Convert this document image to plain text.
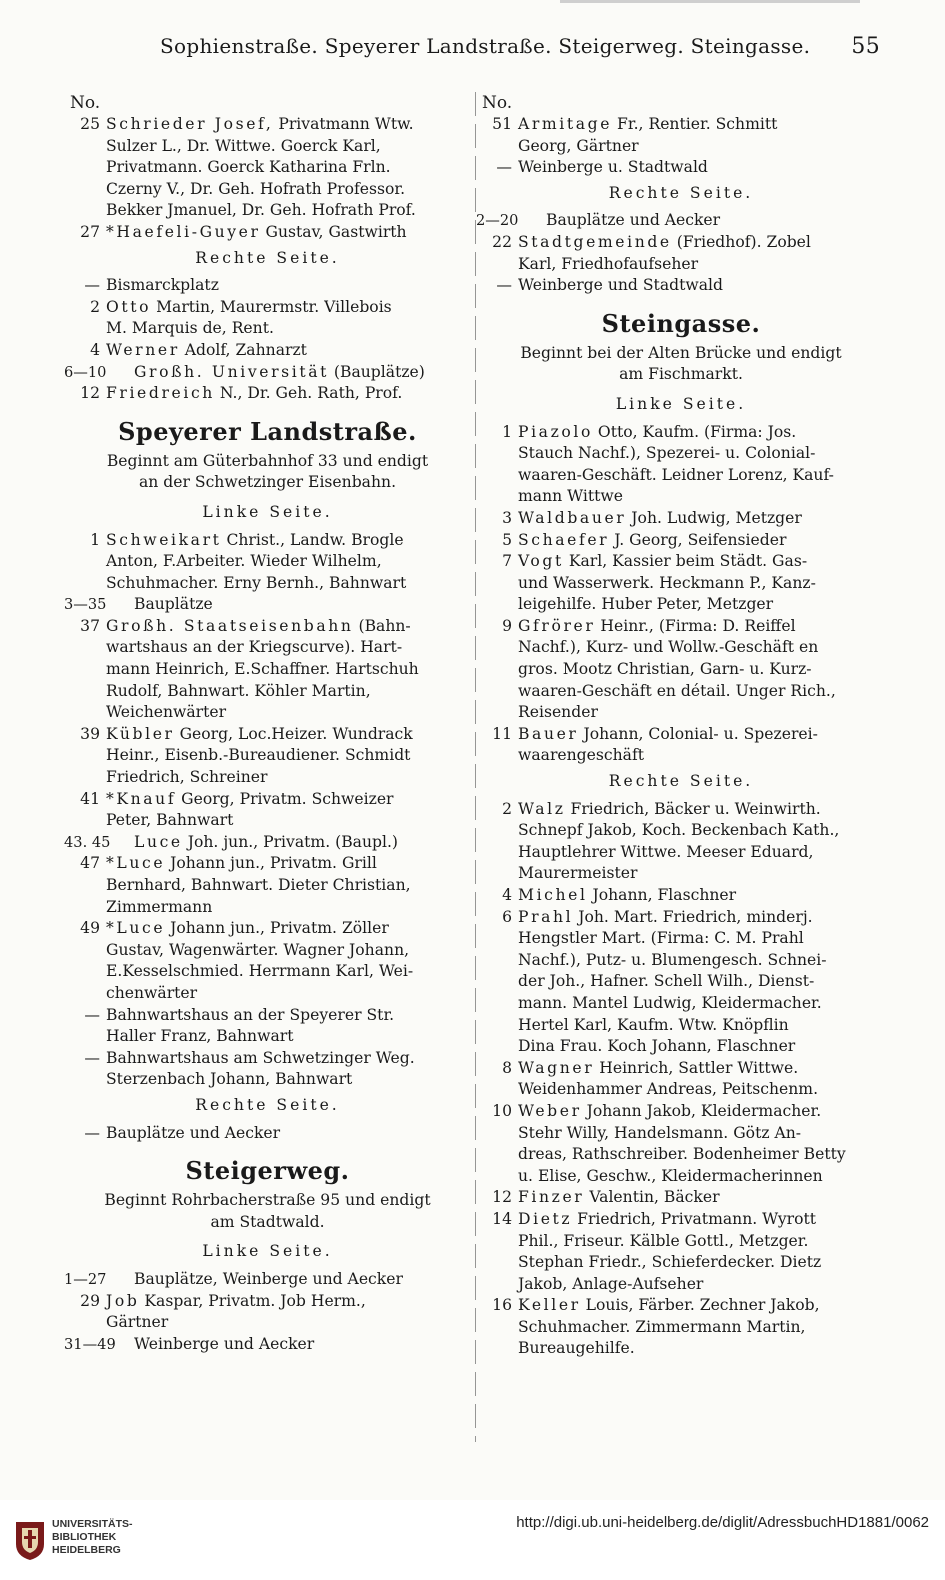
Sophienstraße. Speyerer Landstraße. Steigerweg. Steingasse. 55
No.
25 Schrieder Josef, Privatmann Wtw.
Sulzer L., Dr. Wittwe. Goerck Karl,
Privatmann. Goerck Katharina Frln.
Czerny V., Dr. Geh. Hofrath Professor.
Bekker Jmanuel, Dr. Geh. Hofrath Prof.
27 *Haefeli-Guyer Gustav, Gastwirth
Rechte Seite.
— Bismarckplatz
2 Otto Martin, Maurermstr. Villebois
M. Marquis de, Rent.
4 Werner Adolf, Zahnarzt
6—10	Großh. Universität (Bauplätze)
12 Friedreich N., Dr. Geh. Rath, Prof.
Speyerer Landstraße.
Beginnt am Güterbahnhof 33 und endigt
an der Schwetzinger Eisenbahn.
Linke Seite.
1 Schweikart Christ., Landw. Brogle
Anton, F.Arbeiter. Wieder Wilhelm,
Schuhmacher. Erny Bernh., Bahnwart
3—35	Bauplätze
37 Großh. Staatseisenbahn (Bahn-
wartshaus an der Kriegscurve). Hart-
mann Heinrich, E.Schaffner. Hartschuh
Rudolf, Bahnwart. Köhler Martin,
Weichenwärter
39 Kübler Georg, Loc.Heizer. Wundrack
Heinr., Eisenb.-Bureaudiener. Schmidt
Friedrich, Schreiner
41 *Knauf Georg, Privatm. Schweizer
Peter, Bahnwart
43. 45	Luce Joh. jun., Privatm. (Baupl.)
47 *Luce Johann jun., Privatm. Grill
Bernhard, Bahnwart. Dieter Christian,
Zimmermann
49 *Luce Johann jun., Privatm. Zöller
Gustav, Wagenwärter. Wagner Johann,
E.Kesselschmied. Herrmann Karl, Wei-
chenwärter
— Bahnwartshaus an der Speyerer Str.
Haller Franz, Bahnwart
— Bahnwartshaus am Schwetzinger Weg.
Sterzenbach Johann, Bahnwart
Rechte Seite.
— Bauplätze und Aecker
Steigerweg.
Beginnt Rohrbacherstraße 95 und endigt
am Stadtwald.
Linke Seite.
1—27	Bauplätze, Weinberge und Aecker
29 Job Kaspar, Privatm. Job Herm.,
Gärtner
31—49	Weinberge und Aecker
No.
51 Armitage Fr., Rentier. Schmitt
Georg, Gärtner
— Weinberge u. Stadtwald
Rechte Seite.
2—20	Bauplätze und Aecker
22 Stadtgemeinde (Friedhof). Zobel
Karl, Friedhofaufseher
— Weinberge und Stadtwald
Steingasse.
Beginnt bei der Alten Brücke und endigt
am Fischmarkt.
Linke Seite.
1 Piazolo Otto, Kaufm. (Firma: Jos.
Stauch Nachf.), Spezerei- u. Colonial-
waaren-Geschäft. Leidner Lorenz, Kauf-
mann Wittwe
3 Waldbauer Joh. Ludwig, Metzger
5 Schaefer J. Georg, Seifensieder
7 Vogt Karl, Kassier beim Städt. Gas-
und Wasserwerk. Heckmann P., Kanz-
leigehilfe. Huber Peter, Metzger
9 Gfrörer Heinr., (Firma: D. Reiffel
Nachf.), Kurz- und Wollw.-Geschäft en
gros. Mootz Christian, Garn- u. Kurz-
waaren-Geschäft en détail. Unger Rich.,
Reisender
11 Bauer Johann, Colonial- u. Spezerei-
waarengeschäft
Rechte Seite.
2 Walz Friedrich, Bäcker u. Weinwirth.
Schnepf Jakob, Koch. Beckenbach Kath.,
Hauptlehrer Wittwe. Meeser Eduard,
Maurermeister
4 Michel Johann, Flaschner
6 Prahl Joh. Mart. Friedrich, minderj.
Hengstler Mart. (Firma: C. M. Prahl
Nachf.), Putz- u. Blumengesch. Schnei-
der Joh., Hafner. Schell Wilh., Dienst-
mann. Mantel Ludwig, Kleidermacher.
Hertel Karl, Kaufm. Wtw. Knöpflin
Dina Frau. Koch Johann, Flaschner
8 Wagner Heinrich, Sattler Wittwe.
Weidenhammer Andreas, Peitschenm.
10 Weber Johann Jakob, Kleidermacher.
Stehr Willy, Handelsmann. Götz An-
dreas, Rathschreiber. Bodenheimer Betty
u. Elise, Geschw., Kleidermacherinnen
12 Finzer Valentin, Bäcker
14 Dietz Friedrich, Privatmann. Wyrott
Phil., Friseur. Kälble Gottl., Metzger.
Stephan Friedr., Schieferdecker. Dietz
Jakob, Anlage-Aufseher
16 Keller Louis, Färber. Zechner Jakob,
Schuhmacher. Zimmermann Martin,
Bureaugehilfe.
UNIVERSITÄTS-
BIBLIOTHEK
HEIDELBERG
http://digi.ub.uni-heidelberg.de/diglit/AdressbuchHD1881/0062
